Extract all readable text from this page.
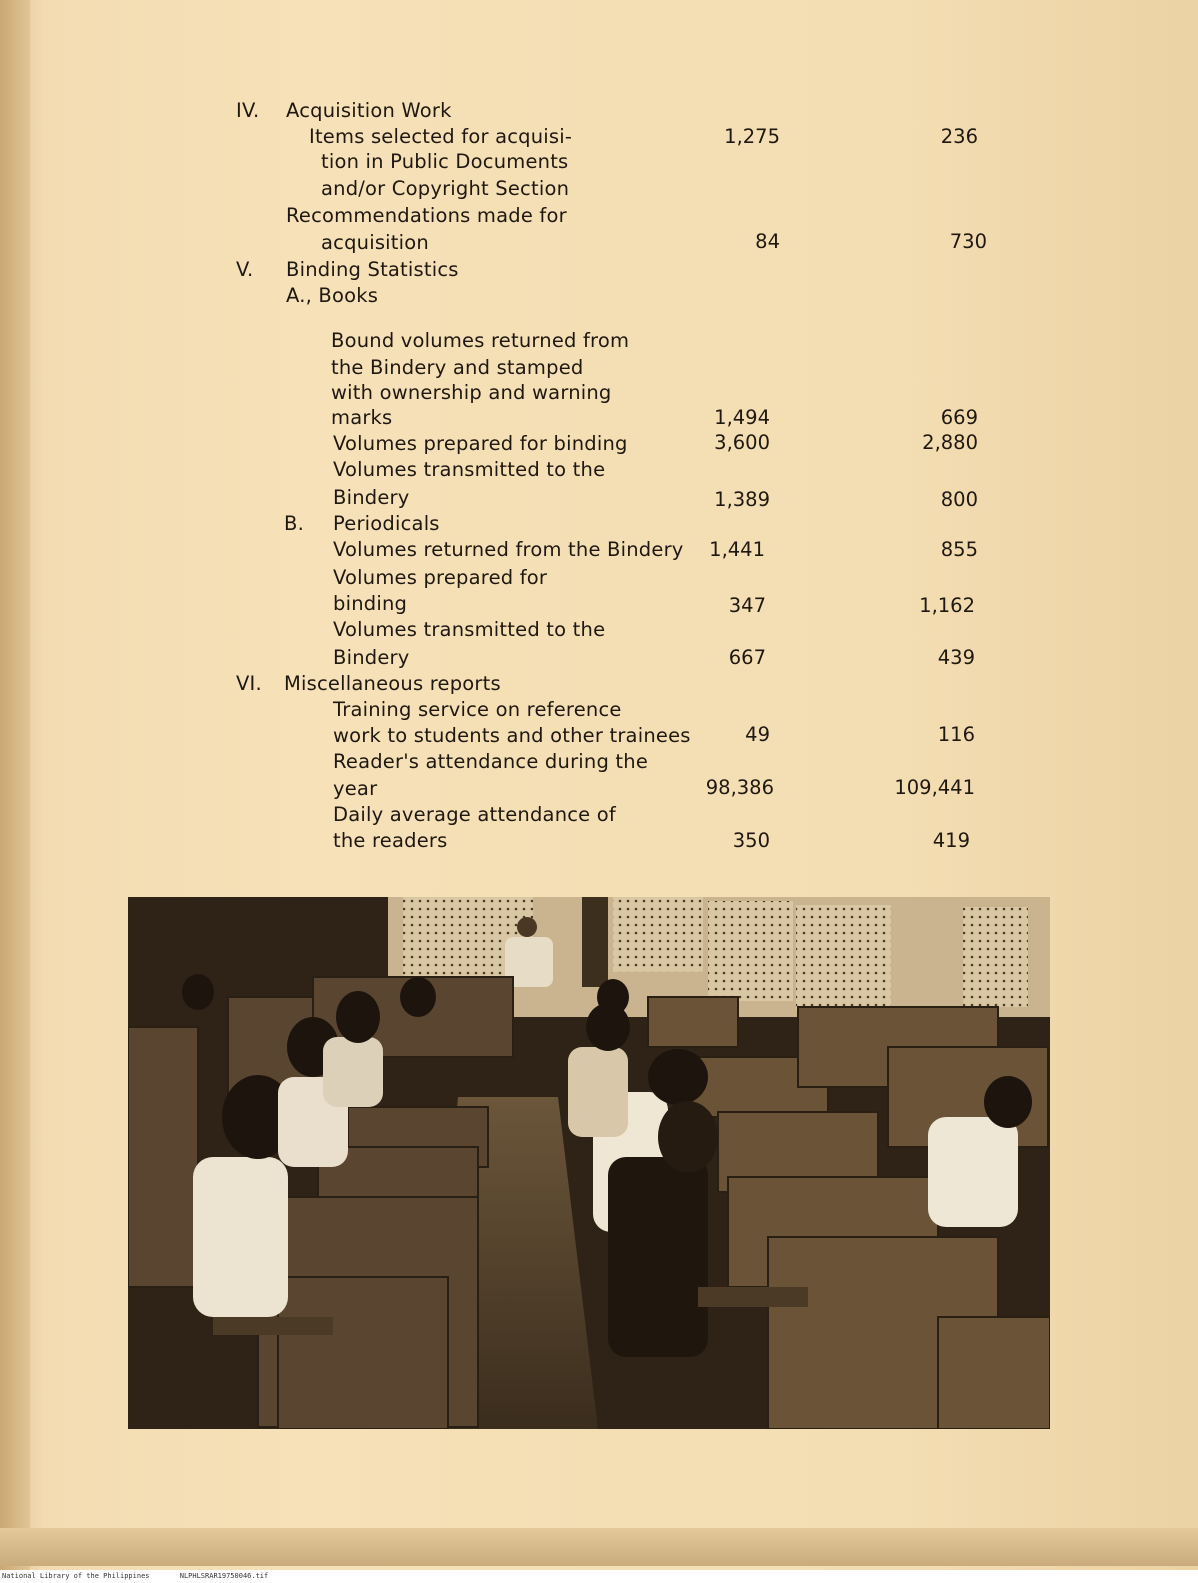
IV. Acquisition Work
Items selected for acquisi-
tion in Public Documents
and/or Copyright Section
1,275	236
Recommendations made for
acquisition	84	730
V. Binding Statistics
A., Books
Bound volumes returned from
the Bindery and stamped
with ownership and warning
marks	1,494	669
Volumes prepared for binding	3,600	2,880
Volumes transmitted to the
Bindery	1,389	800
B. Periodicals
Volumes returned from the Bindery	1,441	855
Volumes prepared for
binding	347	1,162
Volumes transmitted to the
Bindery	667	439
VI. Miscellaneous reports
Training service on reference
work to students and other trainees	49	116
Reader's attendance during the
year	98,386	109,441
Daily average attendance of
the readers	350	419
National Library of the Philippines	NLPHLSRAR19750046.tif
